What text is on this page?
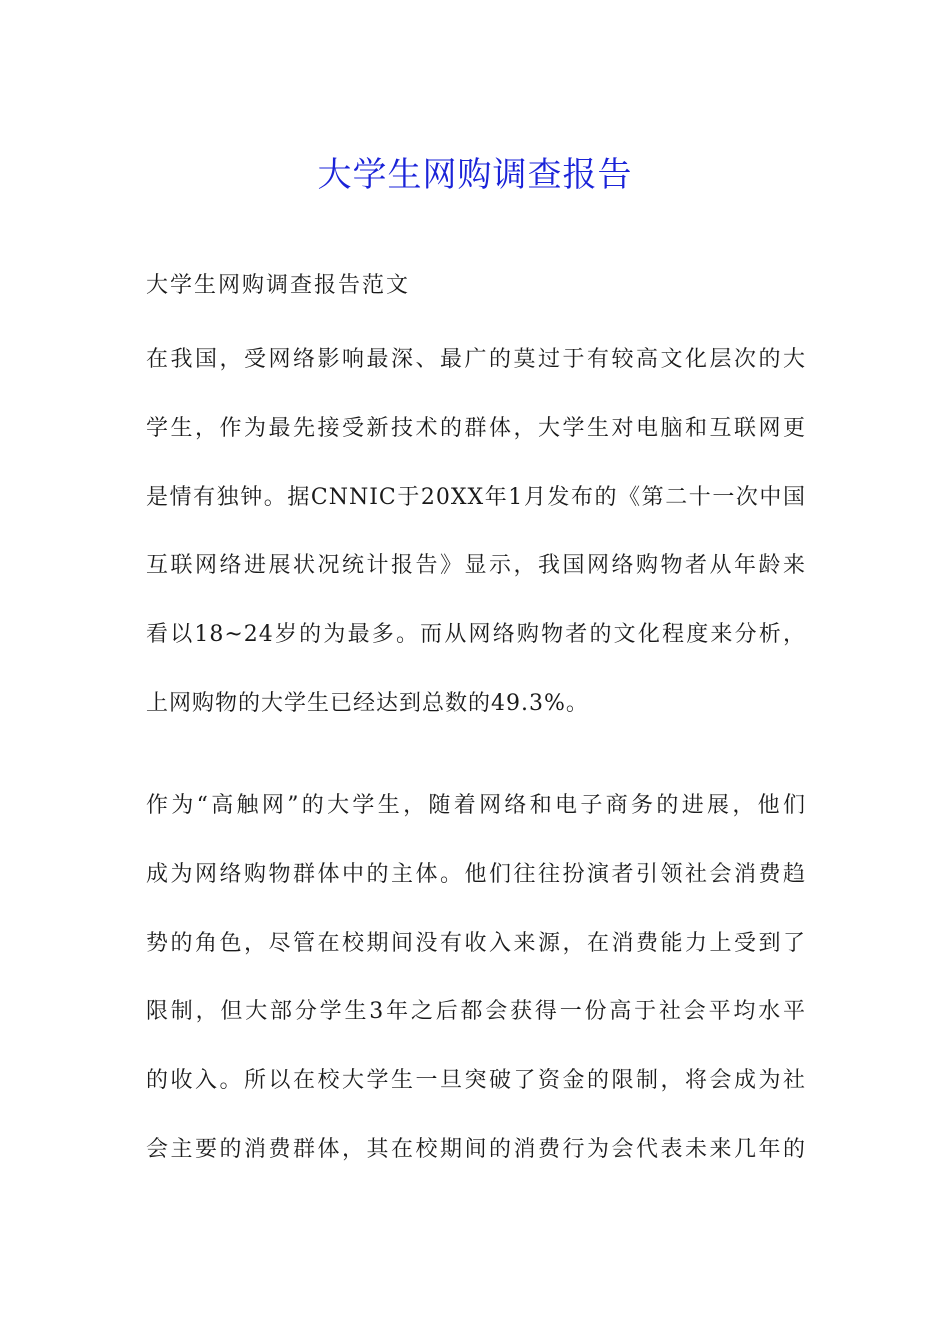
大学生网购调查报告
大学生网购调查报告范文
在我国，受网络影响最深、最广的莫过于有较高文化层次的大
学生，作为最先接受新技术的群体，大学生对电脑和互联网更
是情有独钟。据CNNIC于20XX年1月发布的《第二十一次中国
互联网络进展状况统计报告》显示，我国网络购物者从年龄来
看以18~24岁的为最多。而从网络购物者的文化程度来分析，
上网购物的大学生已经达到总数的49.3%。
作为“高触网”的大学生，随着网络和电子商务的进展，他们
成为网络购物群体中的主体。他们往往扮演者引领社会消费趋
势的角色，尽管在校期间没有收入来源，在消费能力上受到了
限制，但大部分学生3年之后都会获得一份高于社会平均水平
的收入。所以在校大学生一旦突破了资金的限制，将会成为社
会主要的消费群体，其在校期间的消费行为会代表未来几年的
